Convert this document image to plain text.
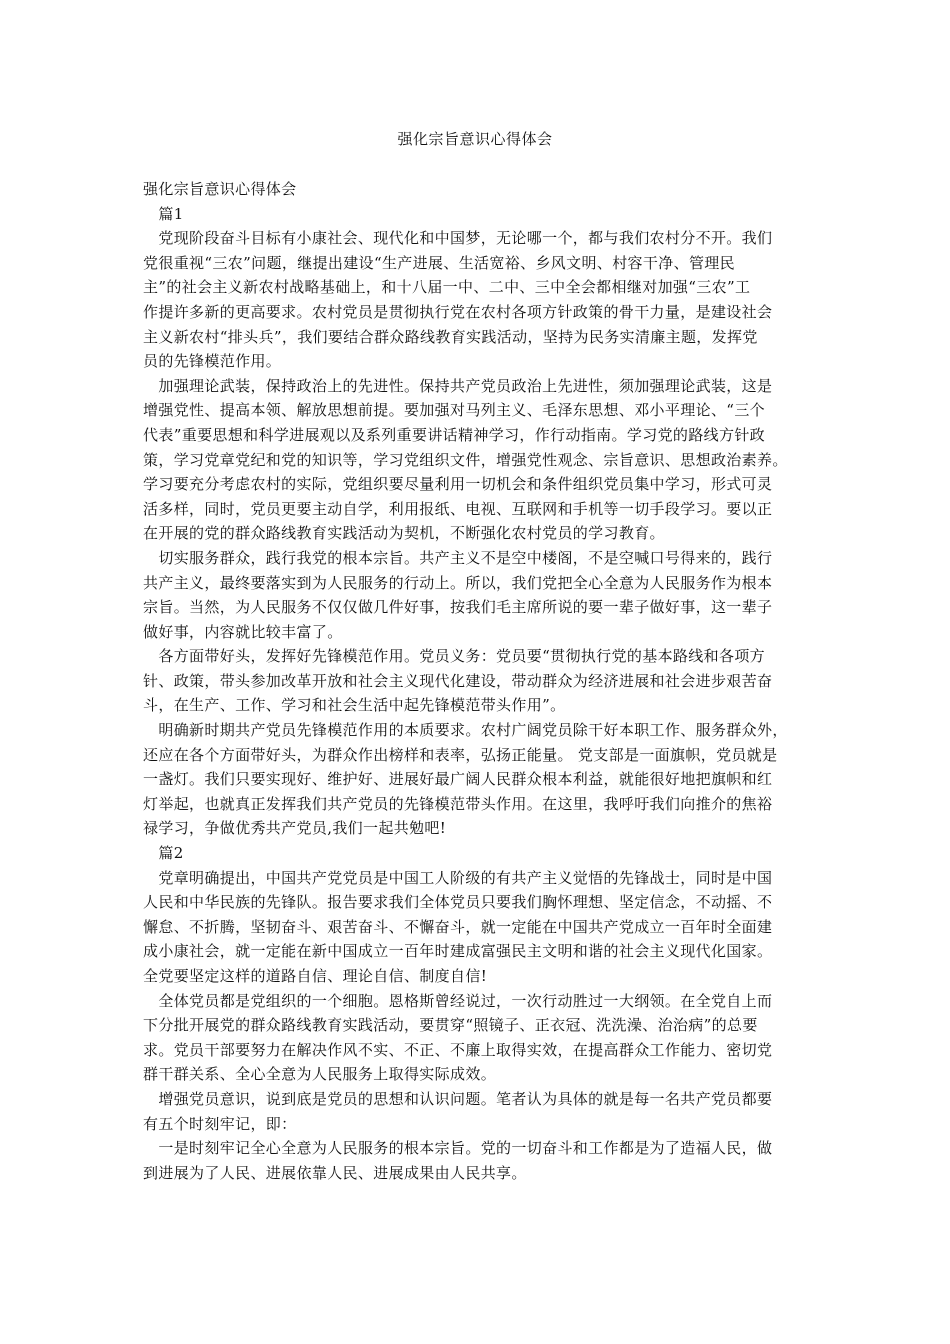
强化宗旨意识心得体会
强化宗旨意识心得体会
　篇1
　党现阶段奋斗目标有小康社会、现代化和中国梦，无论哪一个，都与我们农村分不开。我们
党很重视“三农”问题，继提出建设“生产进展、生活宽裕、乡风文明、村容干净、管理民
主”的社会主义新农村战略基础上，和十八届一中、二中、三中全会都相继对加强“三农”工
作提许多新的更高要求。农村党员是贯彻执行党在农村各项方针政策的骨干力量，是建设社会
主义新农村“排头兵”，我们要结合群众路线教育实践活动，坚持为民务实清廉主题，发挥党
员的先锋模范作用。
　加强理论武装，保持政治上的先进性。保持共产党员政治上先进性，须加强理论武装，这是
增强党性、提高本领、解放思想前提。要加强对马列主义、毛泽东思想、邓小平理论、“三个
代表”重要思想和科学进展观以及系列重要讲话精神学习，作行动指南。学习党的路线方针政
策，学习党章党纪和党的知识等，学习党组织文件，增强党性观念、宗旨意识、思想政治素养。
学习要充分考虑农村的实际，党组织要尽量利用一切机会和条件组织党员集中学习，形式可灵
活多样，同时，党员更要主动自学，利用报纸、电视、互联网和手机等一切手段学习。要以正
在开展的党的群众路线教育实践活动为契机，不断强化农村党员的学习教育。
　切实服务群众，践行我党的根本宗旨。共产主义不是空中楼阁，不是空喊口号得来的，践行
共产主义，最终要落实到为人民服务的行动上。所以，我们党把全心全意为人民服务作为根本
宗旨。当然，为人民服务不仅仅做几件好事，按我们毛主席所说的要一辈子做好事，这一辈子
做好事，内容就比较丰富了。
　各方面带好头，发挥好先锋模范作用。党员义务：党员要“贯彻执行党的基本路线和各项方
针、政策，带头参加改革开放和社会主义现代化建设，带动群众为经济进展和社会进步艰苦奋
斗，在生产、工作、学习和社会生活中起先锋模范带头作用”。
　明确新时期共产党员先锋模范作用的本质要求。农村广阔党员除干好本职工作、服务群众外，
还应在各个方面带好头，为群众作出榜样和表率，弘扬正能量。 党支部是一面旗帜，党员就是
一盏灯。我们只要实现好、维护好、进展好最广阔人民群众根本利益，就能很好地把旗帜和红
灯举起，也就真正发挥我们共产党员的先锋模范带头作用。在这里，我呼吁我们向推介的焦裕
禄学习，争做优秀共产党员,我们一起共勉吧!
　篇2
　党章明确提出，中国共产党党员是中国工人阶级的有共产主义觉悟的先锋战士，同时是中国
人民和中华民族的先锋队。报告要求我们全体党员只要我们胸怀理想、坚定信念，不动摇、不
懈怠、不折腾，坚韧奋斗、艰苦奋斗、不懈奋斗，就一定能在中国共产党成立一百年时全面建
成小康社会，就一定能在新中国成立一百年时建成富强民主文明和谐的社会主义现代化国家。
全党要坚定这样的道路自信、理论自信、制度自信!
　全体党员都是党组织的一个细胞。恩格斯曾经说过，一次行动胜过一大纲领。在全党自上而
下分批开展党的群众路线教育实践活动，要贯穿“照镜子、正衣冠、洗洗澡、治治病”的总要
求。党员干部要努力在解决作风不实、不正、不廉上取得实效，在提高群众工作能力、密切党
群干群关系、全心全意为人民服务上取得实际成效。
　增强党员意识，说到底是党员的思想和认识问题。笔者认为具体的就是每一名共产党员都要
有五个时刻牢记，即：
　一是时刻牢记全心全意为人民服务的根本宗旨。党的一切奋斗和工作都是为了造福人民，做
到进展为了人民、进展依靠人民、进展成果由人民共享。
